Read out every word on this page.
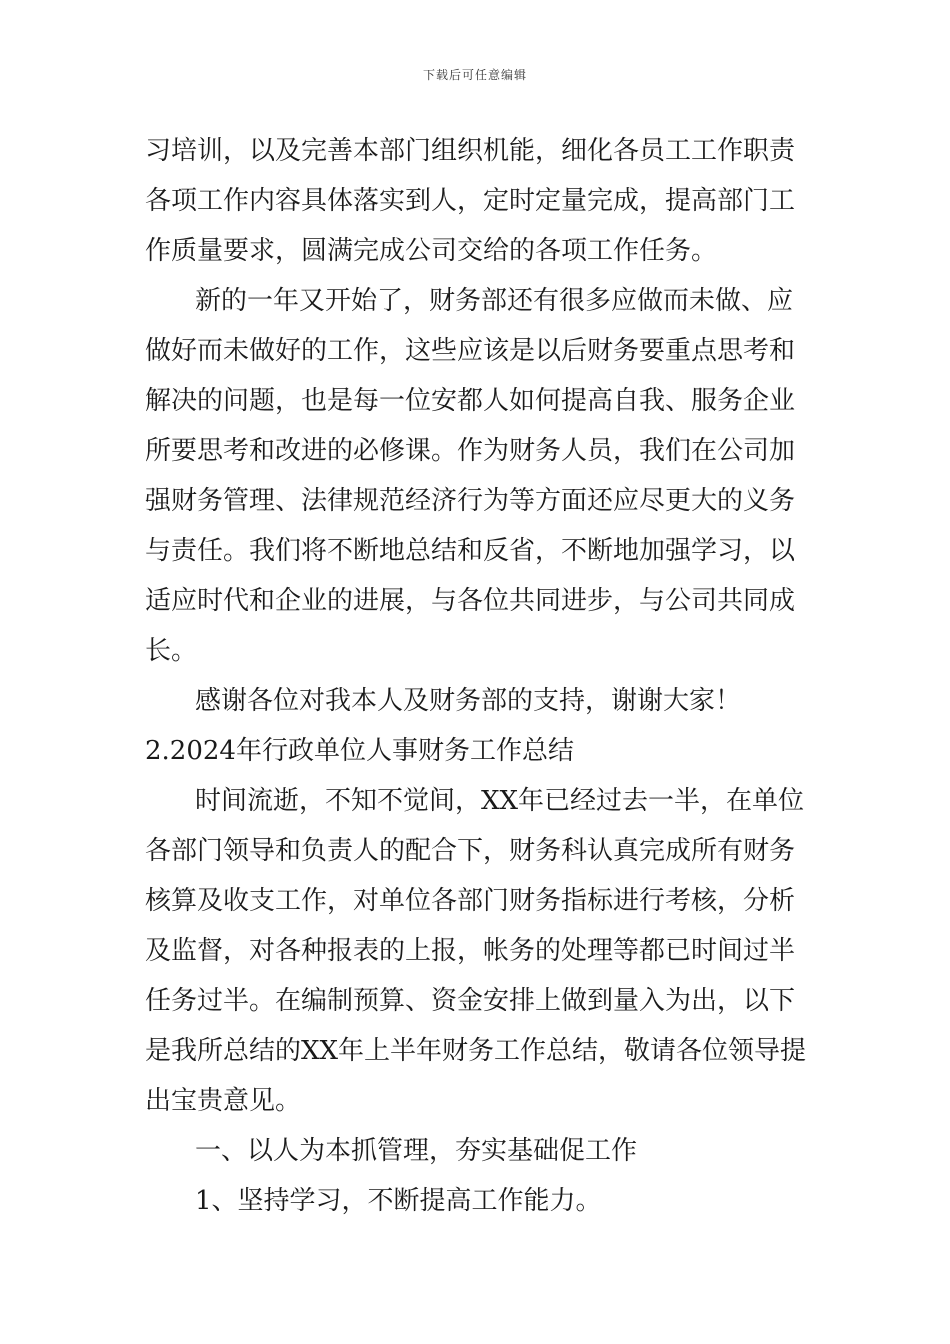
下载后可任意编辑
习培训，以及完善本部门组织机能，细化各员工工作职责
各项工作内容具体落实到人，定时定量完成，提高部门工
作质量要求，圆满完成公司交给的各项工作任务。
新的一年又开始了，财务部还有很多应做而未做、应
做好而未做好的工作，这些应该是以后财务要重点思考和
解决的问题，也是每一位安都人如何提高自我、服务企业
所要思考和改进的必修课。作为财务人员，我们在公司加
强财务管理、法律规范经济行为等方面还应尽更大的义务
与责任。我们将不断地总结和反省，不断地加强学习，以
适应时代和企业的进展，与各位共同进步，与公司共同成
长。
感谢各位对我本人及财务部的支持，谢谢大家！
2.2024年行政单位人事财务工作总结
时间流逝，不知不觉间，XX年已经过去一半，在单位
各部门领导和负责人的配合下，财务科认真完成所有财务
核算及收支工作，对单位各部门财务指标进行考核，分析
及监督，对各种报表的上报，帐务的处理等都已时间过半
任务过半。在编制预算、资金安排上做到量入为出，以下
是我所总结的XX年上半年财务工作总结，敬请各位领导提
出宝贵意见。
一、以人为本抓管理，夯实基础促工作
1、坚持学习，不断提高工作能力。
